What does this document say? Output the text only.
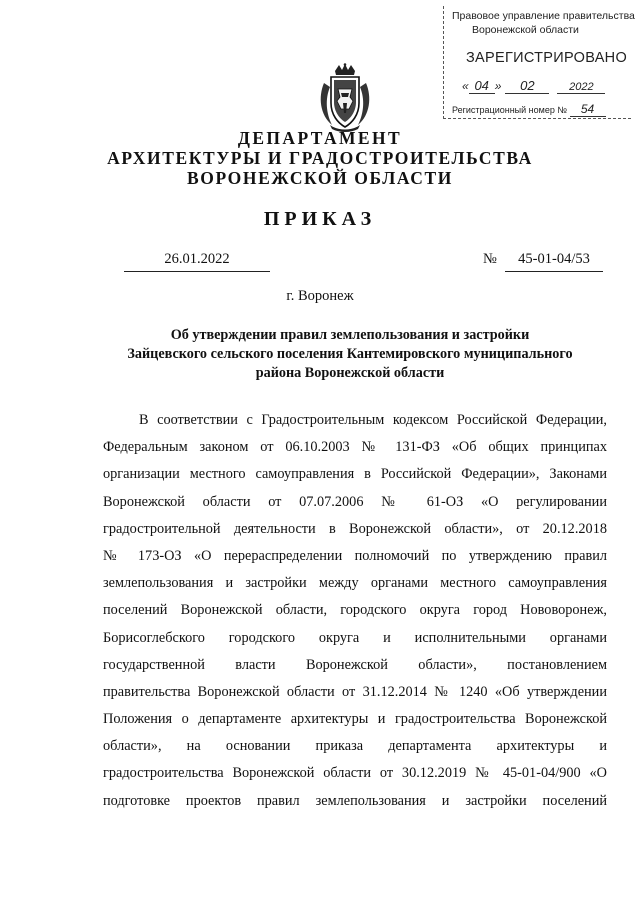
Правовое управление правительства
Воронежской области
ЗАРЕГИСТРИРОВАНО
« 04 » 02	2022
Регистрационный номер № 54
ДЕПАРТАМЕНТ
АРХИТЕКТУРЫ И ГРАДОСТРОИТЕЛЬСТВА
ВОРОНЕЖСКОЙ ОБЛАСТИ
ПРИКАЗ
26.01.2022	№	45-01-04/53
г. Воронеж
Об утверждении правил землепользования и застройки
Зайцевского сельского поселения Кантемировского муниципального
района Воронежской области
В соответствии с Градостроительным кодексом Российской Федерации,
Федеральным законом от 06.10.2003 № 131-ФЗ «Об общих принципах
организации местного самоуправления в Российской Федерации», Законами
Воронежской области от 07.07.2006 № 61-ОЗ «О регулировании
градостроительной деятельности в Воронежской области», от 20.12.2018
№ 173-ОЗ «О перераспределении полномочий по утверждению правил
землепользования и застройки между органами местного самоуправления
поселений Воронежской области, городского округа город Нововоронеж,
Борисоглебского городского округа и исполнительными органами
государственной власти Воронежской области», постановлением
правительства Воронежской области от 31.12.2014 № 1240 «Об утверждении
Положения о департаменте архитектуры и градостроительства Воронежской
области», на основании приказа департамента архитектуры и
градостроительства Воронежской области от 30.12.2019 № 45-01-04/900 «О
подготовке проектов правил землепользования и застройки поселений
